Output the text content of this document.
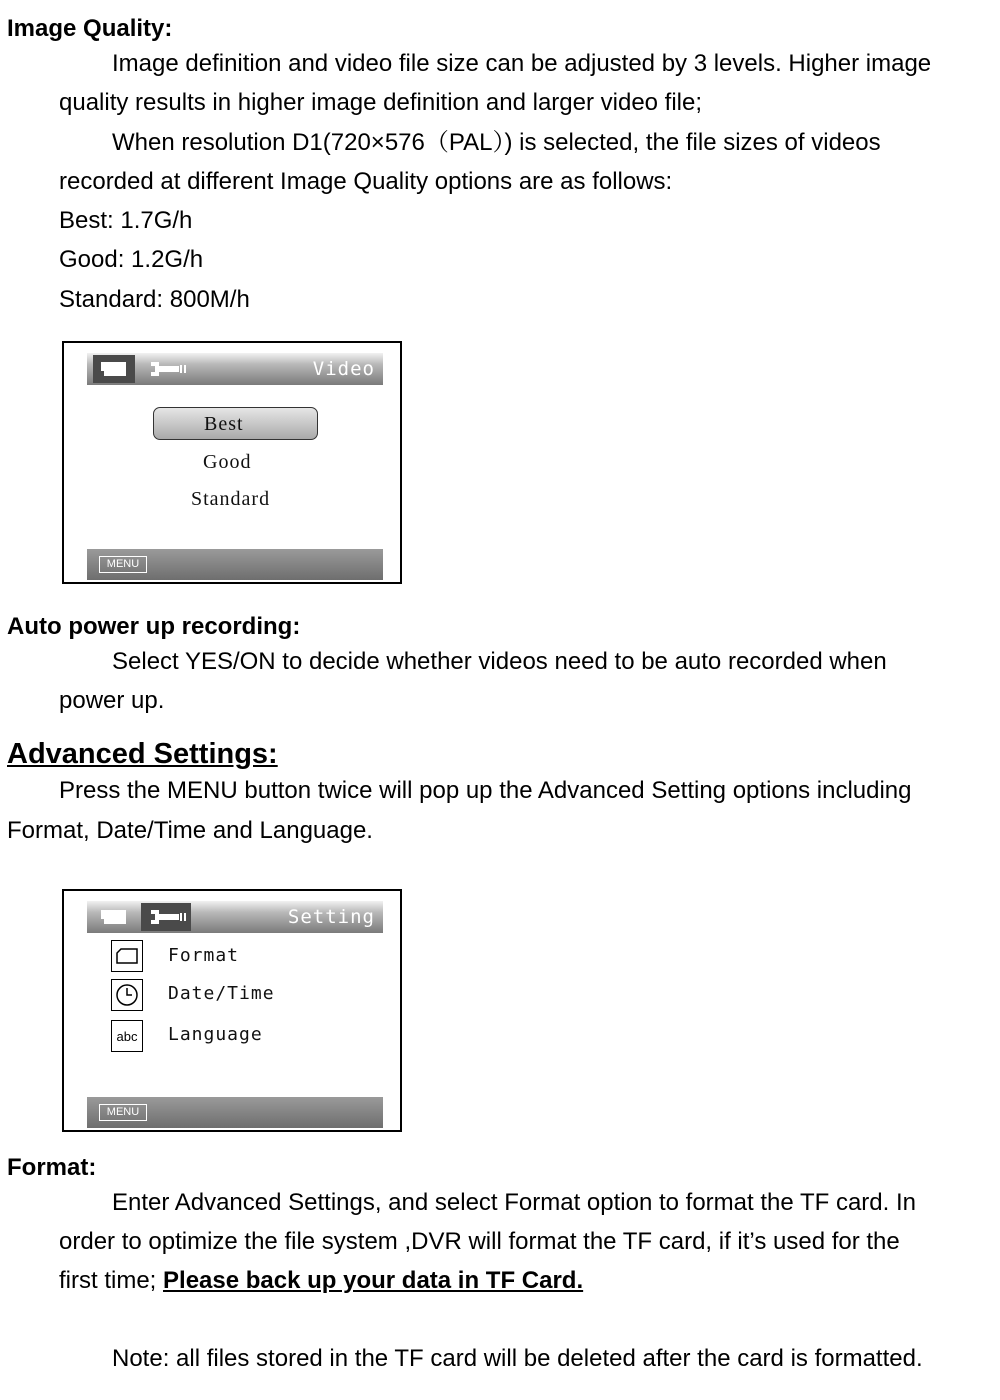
Image Quality:
Image definition and video file size can be adjusted by 3 levels. Higher image
quality results in higher image definition and larger video file;
When resolution D1(720×576（PAL）) is selected, the file sizes of videos
recorded at different Image Quality options are as follows:
Best: 1.7G/h
Good: 1.2G/h
Standard: 800M/h
Video
Best
Good
Standard
MENU
Auto power up recording:
Select YES/ON to decide whether videos need to be auto recorded when
power up.
Advanced Settings:
Press the MENU button twice will pop up the Advanced Setting options including
Format, Date/Time and Language.
Setting
Format
Date/Time
abc Language
MENU
Format:
Enter Advanced Settings, and select Format option to format the TF card. In
order to optimize the file system ,DVR will format the TF card, if it’s used for the
first time; Please back up your data in TF Card.
Note: all files stored in the TF card will be deleted after the card is formatted.
